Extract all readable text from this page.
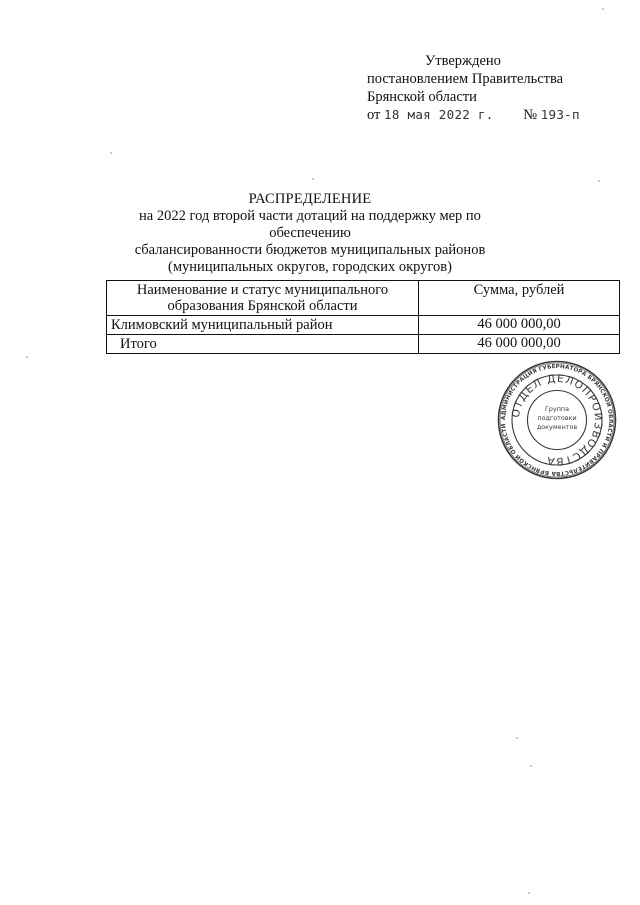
Утверждено
постановлением Правительства
Брянской области
от 18 мая 2022 г. № 193-п
РАСПРЕДЕЛЕНИЕ
на 2022 год второй части дотаций на поддержку мер по обеспечению
сбалансированности бюджетов муниципальных районов
(муниципальных округов, городских округов)
Наименование и статус муниципального образования Брянской области	Сумма, рублей
Климовский муниципальный район	46 000 000,00
Итого	46 000 000,00
АДМИНИСТРАЦИЯ ГУБЕРНАТОРА БРЯНСКОЙ ОБЛАСТИ И ПРАВИТЕЛЬСТВА БРЯНСКОЙ ОБЛАСТИ
ОТДЕЛ ДЕЛОПРОИЗВОДСТВА
Группа
подготовки
документов
